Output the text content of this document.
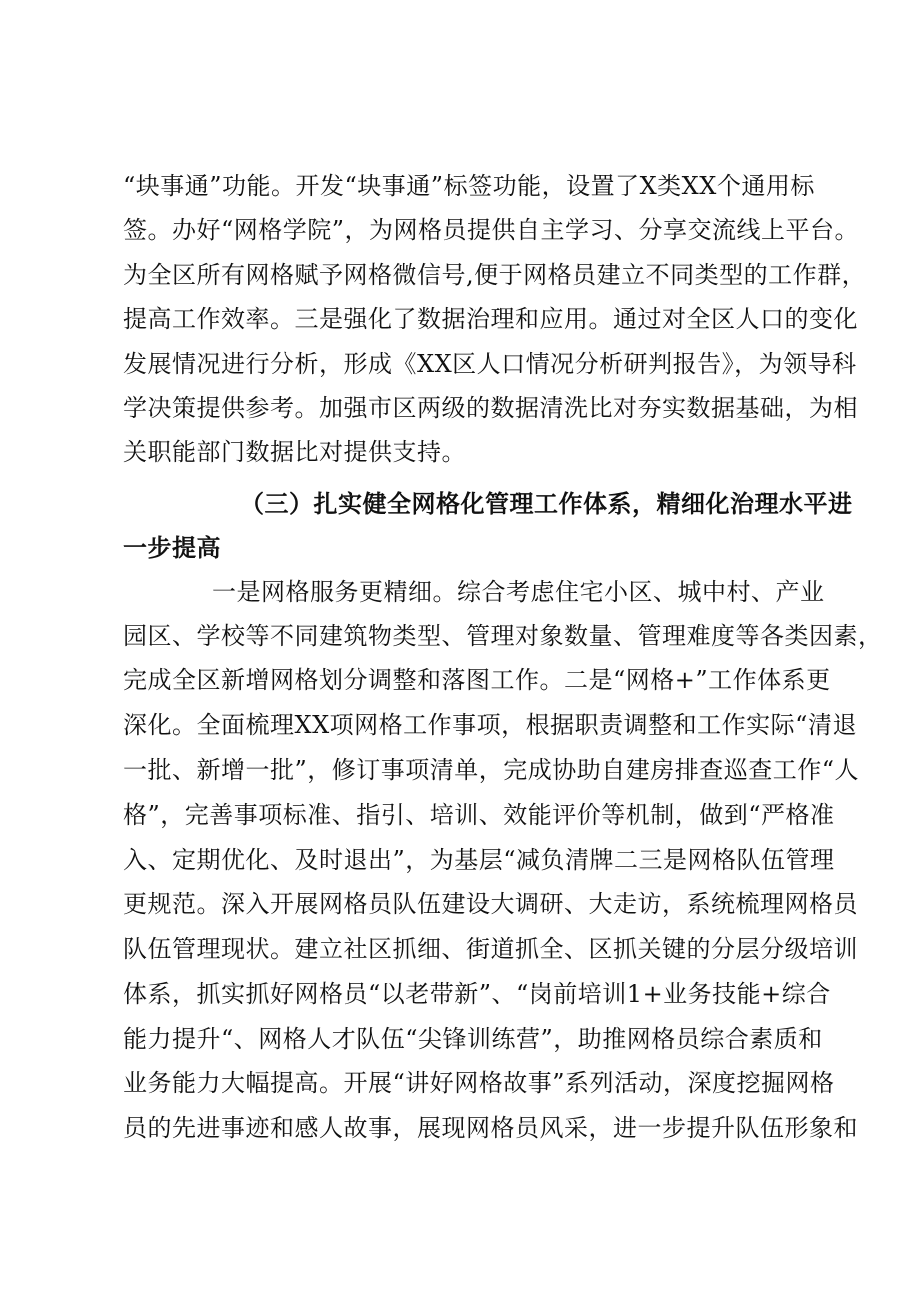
“块事通”功能。开发“块事通”标签功能，设置了X类XX个通用标
签。办好“网格学院”，为网格员提供自主学习、分享交流线上平台。
为全区所有网格赋予网格微信号,便于网格员建立不同类型的工作群，
提高工作效率。三是强化了数据治理和应用。通过对全区人口的变化
发展情况进行分析，形成《XX区人口情况分析研判报告》，为领导科
学决策提供参考。加强市区两级的数据清洗比对夯实数据基础，为相
关职能部门数据比对提供支持。
（三）扎实健全网格化管理工作体系，精细化治理水平进
一步提高
一是网格服务更精细。综合考虑住宅小区、城中村、产业
园区、学校等不同建筑物类型、管理对象数量、管理难度等各类因素，
完成全区新增网格划分调整和落图工作。二是“网格+”工作体系更
深化。全面梳理XX项网格工作事项，根据职责调整和工作实际“清退
一批、新增一批”，修订事项清单，完成协助自建房排查巡查工作“人
格”，完善事项标准、指引、培训、效能评价等机制，做到“严格准
入、定期优化、及时退出”，为基层“减负清牌二三是网格队伍管理
更规范。深入开展网格员队伍建设大调研、大走访，系统梳理网格员
队伍管理现状。建立社区抓细、街道抓全、区抓关键的分层分级培训
体系，抓实抓好网格员“以老带新”、“岗前培训1+业务技能+综合
能力提升“、网格人才队伍“尖锋训练营”，助推网格员综合素质和
业务能力大幅提高。开展“讲好网格故事”系列活动，深度挖掘网格
员的先进事迹和感人故事，展现网格员风采，进一步提升队伍形象和
